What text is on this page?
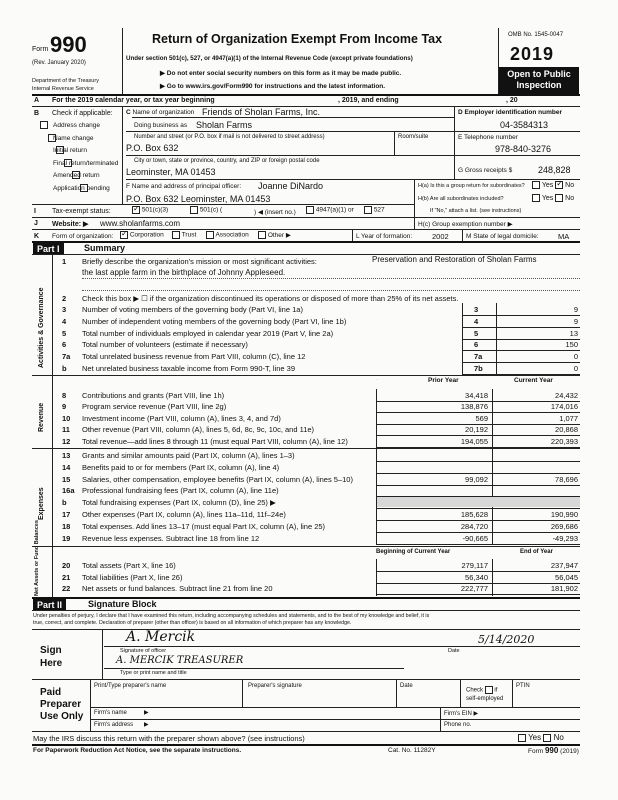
Form 990
(Rev. January 2020)
Department of the Treasury
Internal Revenue Service
Return of Organization Exempt From Income Tax
Under section 501(c), 527, or 4947(a)(1) of the Internal Revenue Code (except private foundations)
▶ Do not enter social security numbers on this form as it may be made public.
▶ Go to www.irs.gov/Form990 for instructions and the latest information.
OMB No. 1545-0047
2019
Open to Public
Inspection
A For the 2019 calendar year, or tax year beginning	, 2019, and ending	, 20
B Check if applicable:
Address change
Name change
Initial return
Final return/terminated
Amended return
Application pending
C Name of organization Friends of Sholan Farms, Inc.
Doing business as Sholan Farms
Number and street (or P.O. box if mail is not delivered to street address)	Room/suite
P.O. Box 632
City or town, state or province, country, and ZIP or foreign postal code
Leominster, MA 01453
D Employer identification number
04-3584313
E Telephone number
978-840-3276
G Gross receipts $	248,828
F Name and address of principal officer: Joanne DiNardo
P.O. Box 632 Leominster, MA 01453
H(a) Is this a group return for subordinates?	Yes ✓ No
H(b) Are all subordinates included?	Yes No
If "No," attach a list. (see instructions)
I Tax-exempt status: ✓	501(c)(3)	501(c) (	) ◀ (insert no.)	4947(a)(1) or	527
J Website: ▶ www.sholanfarms.com	H(c) Group exemption number ▶
K Form of organization: ✓	Corporation	Trust	Association	Other ▶	L Year of formation:	2002	M State of legal domicile:	MA
Part I	Summary
Activities & Governance
1 Briefly describe the organization's mission or most significant activities:	Preservation and Restoration of Sholan Farms
the last apple farm in the birthplace of Johnny Appleseed.
2 Check this box ▶ ☐ if the organization discontinued its operations or disposed of more than 25% of its net assets.
3 Number of voting members of the governing body (Part VI, line 1a)	3	9
4 Number of independent voting members of the governing body (Part VI, line 1b)	4	9
5 Total number of individuals employed in calendar year 2019 (Part V, line 2a)	5	13
6 Total number of volunteers (estimate if necessary)	6	150
7a Total unrelated business revenue from Part VIII, column (C), line 12	7a	0
b Net unrelated business taxable income from Form 990-T, line 39	7b	0
Prior Year	Current Year
Revenue
8 Contributions and grants (Part VIII, line 1h)	34,418	24,432
9 Program service revenue (Part VIII, line 2g)	138,876	174,016
10 Investment income (Part VIII, column (A), lines 3, 4, and 7d)	569	1,077
11 Other revenue (Part VIII, column (A), lines 5, 6d, 8c, 9c, 10c, and 11e)	20,192	20,868
12 Total revenue—add lines 8 through 11 (must equal Part VIII, column (A), line 12)	194,055	220,393
Expenses
13 Grants and similar amounts paid (Part IX, column (A), lines 1–3)
14 Benefits paid to or for members (Part IX, column (A), line 4)
15 Salaries, other compensation, employee benefits (Part IX, column (A), lines 5–10)	99,092	78,696
16a Professional fundraising fees (Part IX, column (A), line 11e)
b Total fundraising expenses (Part IX, column (D), line 25) ▶
17 Other expenses (Part IX, column (A), lines 11a–11d, 11f–24e)	185,628	190,990
18 Total expenses. Add lines 13–17 (must equal Part IX, column (A), line 25)	284,720	269,686
19 Revenue less expenses. Subtract line 18 from line 12	-90,665	-49,293
Beginning of Current Year	End of Year
Net Assets or Fund Balances	20 Total assets (Part X, line 16)	279,117	237,947
21 Total liabilities (Part X, line 26)	56,340	56,045
22 Net assets or fund balances. Subtract line 21 from line 20	222,777	181,902
Part II	Signature Block
Under penalties of perjury, I declare that I have examined this return, including accompanying schedules and statements, and to the best of my knowledge and belief, it is
true, correct, and complete. Declaration of preparer (other than officer) is based on all information of which preparer has any knowledge.
Sign
Here
A. Mercik
Signature of officer
5/14/2020
Date
A. MERCIK TREASURER
Type or print name and title
Paid
Preparer
Use Only
Print/Type preparer's name	Preparer's signature	Date
Check if
self-employed
PTIN
Firm's name	▶	Firm's EIN ▶
Firm's address ▶	Phone no.
May the IRS discuss this return with the preparer shown above? (see instructions)	Yes No
For Paperwork Reduction Act Notice, see the separate instructions.	Cat. No. 11282Y	Form 990 (2019)
